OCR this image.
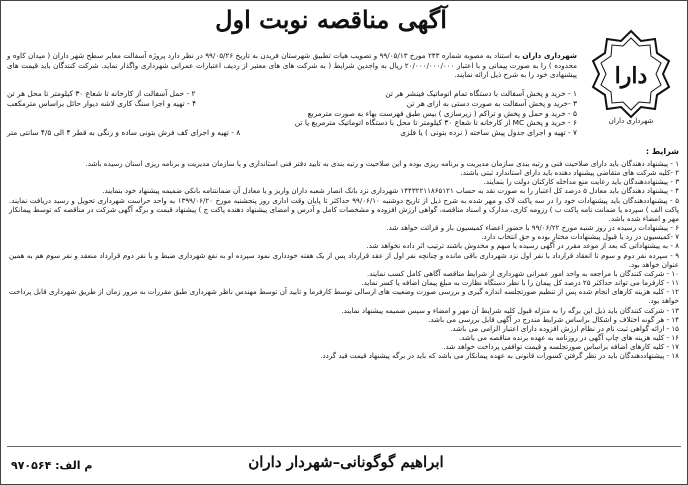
آگهی مناقصه نوبت اول
دارا
شهرداری داران
شهرداری داران به استناد به مصوبه شماره ۲۴۳ مورخ ۹۹/۰۵/۱۳ و تصویب هیات تطبیق شهرستان فریدن به تاریخ ۹۹/۰۵/۲۶ در نظر دارد پروژه آسفالت معابر سطح شهر داران ( میدان کاوه و محدوده ) را به صورت پیمانی و با اعتبار ۲۰/۰۰۰/۰۰۰/۰۰۰ ریال به واجدین شرایط ( به شرکت های های معتبر از ردیف اعتبارات عمرانی شهرداری واگذار نماید. شرکت کنندگان باید قیمت های پیشنهادی خود را به شرح ذیل ارائه نمایند.
۱ - خرید و پخش آسفالت با دستگاه تمام اتوماتیک فینشر هر تن
۲ - حمل آسفالت از کارخانه تا شعاع ۳۰ کیلومتر تا محل هر تن
۳ -خرید و پخش آسفالت به صورت دستی به ازای هر تن
۴ - تهیه و اجرا سنگ کاری لاشه دیوار حائل براساس مترمکعب
۵ - خرید و حمل و پخش و تراکم ( زیرسازی ) بیس طبق فهرست بهاء به صورت مترمربع
۶ - خرید و پخش MC از کارخانه تا شعاع ۳۰ کیلومتر تا محل با دستگاه اتوماتیک مترمربع یا تن
۷ - تهیه و اجرای جدول پیش ساخته ( نرده بتونی ) یا فلزی
۸ - تهیه و اجرای کف فرش بتونی ساده و رنگی به قطر ۴ الی ۴/۵ سانتی متر
شرایط :
۱ - پیشنهاد دهندگان باید دارای صلاحیت فنی و رتبه بندی سازمان مدیریت و برنامه ریزی بوده و این صلاحیت و رتبه بندی به تایید دفتر فنی استانداری و یا سازمان مدیریت و برنامه ریزی استان رسیده باشد.
۲ -کلیه شرکت های متقاضی پیشنهاد دهنده باید دارای استاندارد ثبتی باشند.
۳ - پیشنهاددهندگان باید رعایت منع مداخله کارکنان دولت را بنمایند.
۴ - پیشنهاد دهندگان باید معادل ۵ درصد کل اعتبار را به صورت نقد به حساب ۱۴۴۳۲۲۱۱۸۶۵۱۲۱ شهرداری نزد بانک انصار شعبه داران واریز و یا معادل آن ضمانتنامه بانکی ضمیمه پیشنهاد خود بنمایند.
۵ - پیشنهاددهندگان باید پیشنهادات خود را در سه پاکت لاک و مهر شده به شرح ذیل از تاریخ دوشنبه ۹۹/۰۶/۱۰ حداکثر تا پایان وقت اداری روز پنجشنبه مورخ ۱۳۹۹/۰۶/۲۰ به واحد حراست شهرداری تحویل و رسید دریافت نمایند. پاکت الف ) سپرده یا ضمانت نامه پاکت ب ) رزومه کاری، مدارک و اسناد مناقصه، گواهی ارزش افزوده و مشخصات کامل و آدرس و امضای پیشنهاد دهنده پاکت ج ) پیشنهاد قیمت و برگه آگهی شرکت در مناقصه که توسط پیمانکار مهر و امضاء شده باشد.
۶ - پیشنهادات رسیده در روز شنبه مورخ ۹۹/۰۶/۲۲ با حضور اعضاء کمیسیون باز و قرائت خواهد شد.
۷ -کمیسیون در رد یا قبول پیشنهادات مختار بوده و حق انتخاب دارد.
۸ - به پیشنهاداتی که بعد از موعد مقرر در آگهی رسیده یا مبهم و مخدوش باشند ترتیب اثر داده نخواهد شد.
۹ - سپرده نفر دوم و سوم تا انعقاد قرارداد با نفر اول نزد شهرداری باقی مانده و چنانچه نفر اول از عقد قرارداد پس از یک هفته خودداری نمود سپرده او به نفع شهرداری ضبط و با نفر دوم قرارداد منعقد و نفر سوم هم به همین عنوان خواهد بود.
۱۰ - شرکت کنندگان با مراجعه به واحد امور عمرانی شهرداری از شرایط مناقصه آگاهی کامل کسب نمایند.
۱۱ - کارفرما می تواند حداکثر ۲۵ درصد کل پیمان را با نظر دستگاه نظارت به مبلغ پیمان اضافه یا کسر نماید.
۱۲ - کلیه هزینه کارهای انجام شده پس از تنظیم صورتجلسه اندازه گیری و بررسی صورت وضعیت های ارسالی توسط کارفرما و تایید آن توسط مهندس ناظر شهرداری طبق مقررات به مرور زمان از طریق شهرداری قابل پرداخت خواهد بود.
۱۳ - شرکت کنندگان باید ذیل این برگه را به منزله قبول کلیه شرایط آن مهر و امضاء و سپس ضمیمه پیشنهاد نمایند.
۱۴ - هر گونه اختلاف و اشکال براساس شرایط مندرج در آگهی قابل بررسی می باشد.
۱۵ - ارائه گواهی ثبت نام در نظام ارزش افزوده دارای اعتبار الزامی می باشد.
۱۶ - کلیه هزینه های چاپ آگهی در روزنامه به عهده برنده مناقصه می باشد.
۱۷ - کلیه کارهای اضافه براساس صورتجلسه و قیمت توافقی پرداخت خواهد شد.
۱۸ - پیشنهاددهندگان باید در نظر گرفتن کسورات قانونی به عهده پیمانکار می باشد که باید در برگه پیشنهاد قیمت قید گردد.
ابراهیم گوگونانی–شهردار داران
م الف: ۹۷۰۵۶۴
